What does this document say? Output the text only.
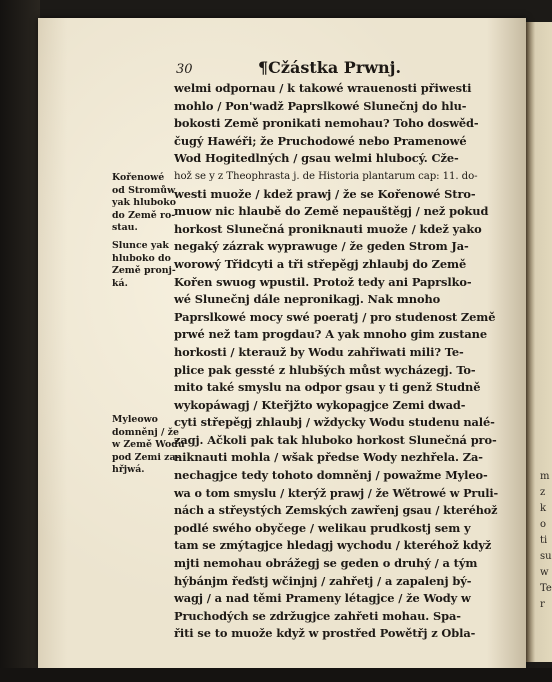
m
z
k
o
ti
su
w
Te
r
30	¶Cžástka Prwnj.
welmi odpornau / k takowé wrauenosti přiwesti
mohlo / Pon'wadž Paprslkowé Slunečnj do hlu-
bokosti Země pronikati nemohau? Toho doswěd-
čugý Hawéři; že Pruchodowé nebo Pramenowé
Wod Hogitedlných / gsau welmi hlubocý. Cže-
hož se y z Theophrasta j. de Historia plantarum cap: 11. do-
westi muože / kdež prawj / že se Kořenowé Stro-
muow nic hlaubě do Země nepauštěgj / než pokud
horkost Slunečná proniknauti muože / kdež yako
negaký zázrak wyprawuge / že geden Strom Ja-
worowý Třidcyti a tři střepěgj zhlaubj do Země
Kořen swuog wpustil. Protož tedy ani Paprslko-
wé Slunečnj dále nepronikagj. Nak mnoho
Paprslkowé mocy swé poeratj / pro studenost Země
prwé než tam progdau? A yak mnoho gim zustane
horkosti / kterauž by Wodu zahřiwati mili? Te-
plice pak gessté z hlubšých můst wycházegj. To-
mito také smyslu na odpor gsau y ti genž Studně
wykopáwagj / Kteřjžto wykopagjce Zemi dwad-
cyti střepěgj zhlaubj / wždycky Wodu studenu nalé-
zagj. Ačkoli pak tak hluboko horkost Slunečná pro-
niknauti mohla / wšak předse Wody nezhřela. Za-
nechagjce tedy tohoto domněnj / powažme Myleo-
wa o tom smyslu / kterýž prawj / že Wětrowé w Pruli-
nách a střeystých Zemských zawřenj gsau / kteréhož
podlé swého obyčege / welikau prudkostj sem y
tam se zmýtagjce hledagj wychodu / kteréhož když
mjti nemohau obrážegj se geden o druhý / a tým
hýbánjm řeďstj wčinjnj / zahřetj / a zapalenj bý-
wagj / a nad těmi Prameny létagjce / že Wody w
Pruchodých se zdržugjce zahřeti mohau. Spa-
řiti se to muože když w prostřed Powětřj z Obla-
Kořenowé
od Stromůw
yak hluboko
do Země ro-
stau.
Slunce yak
hluboko do
Země pronj-
ká.
Myleowo
domněnj / že
w Země Wodu
pod Zemi za-
hřjwá.
